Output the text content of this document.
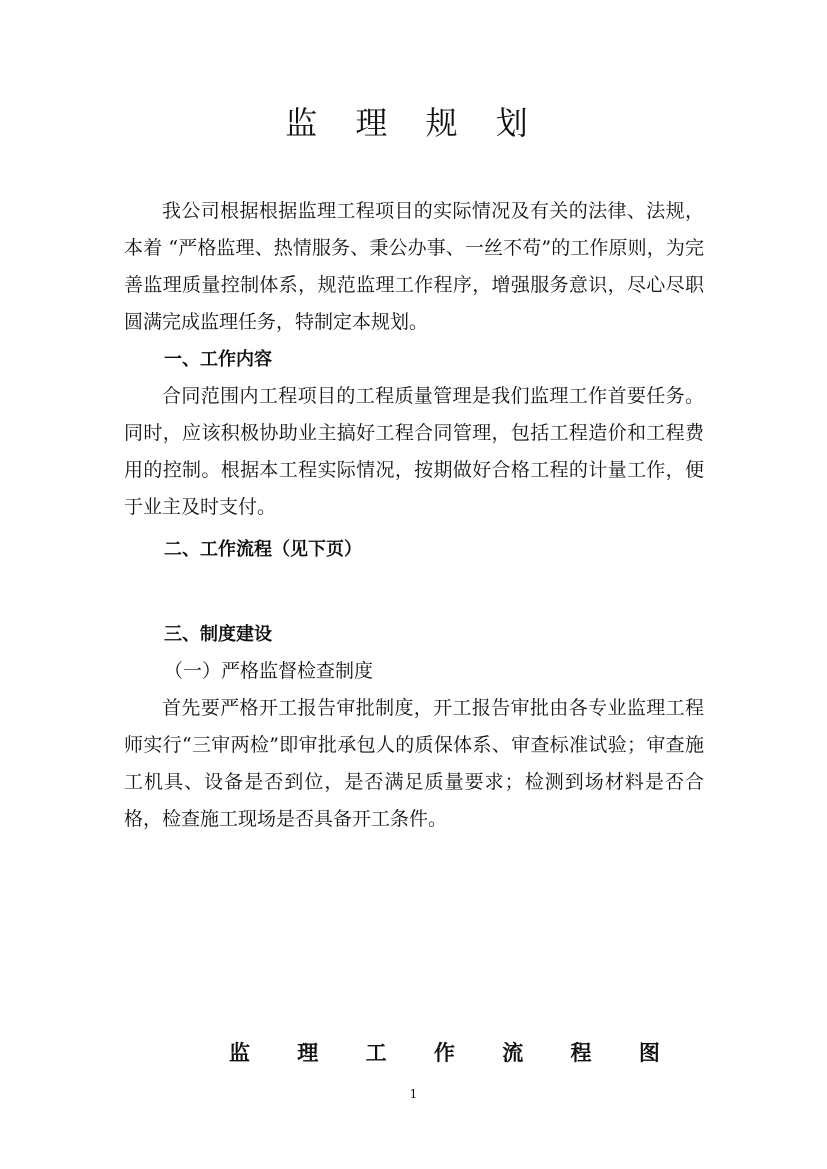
监 理 规 划

我公司根据根据监理工程项目的实际情况及有关的法律、法规，本着 “严格监理、热情服务、秉公办事、一丝不苟”的工作原则，为完善监理质量控制体系，规范监理工作程序，增强服务意识，尽心尽职圆满完成监理任务，特制定本规划。

一、工作内容

合同范围内工程项目的工程质量管理是我们监理工作首要任务。同时，应该积极协助业主搞好工程合同管理，包括工程造价和工程费用的控制。根据本工程实际情况，按期做好合格工程的计量工作，便于业主及时支付。

二、工作流程（见下页）
三、制度建设
（一）严格监督检查制度

首先要严格开工报告审批制度，开工报告审批由各专业监理工程师实行“三审两检”即审批承包人的质保体系、审查标准试验；审查施工机具、设备是否到位，是否满足质量要求；检测到场材料是否合格，检查施工现场是否具备开工条件。

监 理 工 作 流 程 图
1
